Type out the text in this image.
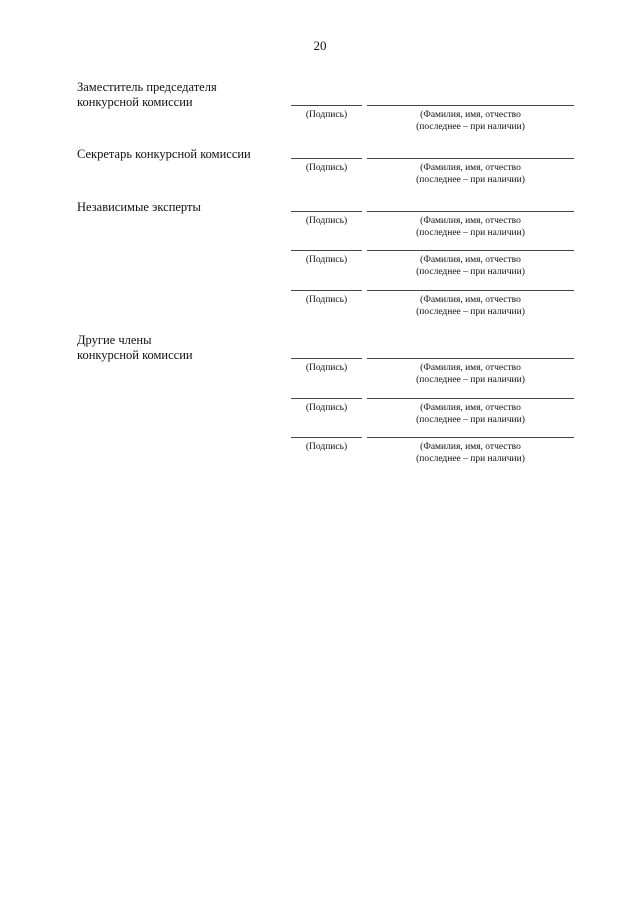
20
Заместитель председателя
конкурсной комиссии
(Подпись)	(Фамилия, имя, отчество
(последнее – при наличии)
Секретарь конкурсной комиссии
(Подпись)	(Фамилия, имя, отчество
(последнее – при наличии)
Независимые эксперты
(Подпись)	(Фамилия, имя, отчество
(последнее – при наличии)
(Подпись)	(Фамилия, имя, отчество
(последнее – при наличии)
(Подпись)	(Фамилия, имя, отчество
(последнее – при наличии)
Другие члены
конкурсной комиссии
(Подпись)	(Фамилия, имя, отчество
(последнее – при наличии)
(Подпись)	(Фамилия, имя, отчество
(последнее – при наличии)
(Подпись)	(Фамилия, имя, отчество
(последнее – при наличии)
